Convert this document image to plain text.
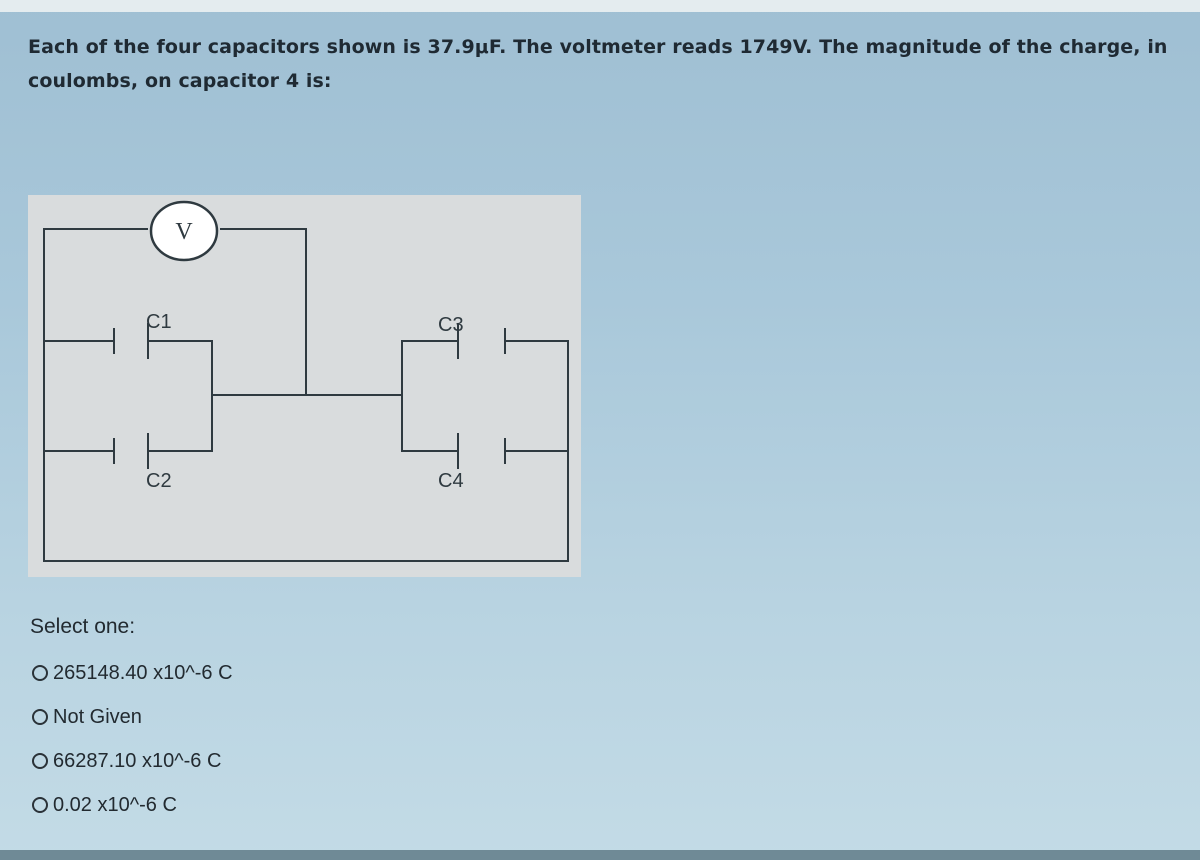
Each of the four capacitors shown is 37.9μF. The voltmeter reads 1749V. The magnitude of the charge, in
coulombs, on capacitor 4 is:
V
C1
C2
C3
C4
Select one:
265148.40 x10^-6 C
Not Given
66287.10 x10^-6 C
0.02 x10^-6 C
